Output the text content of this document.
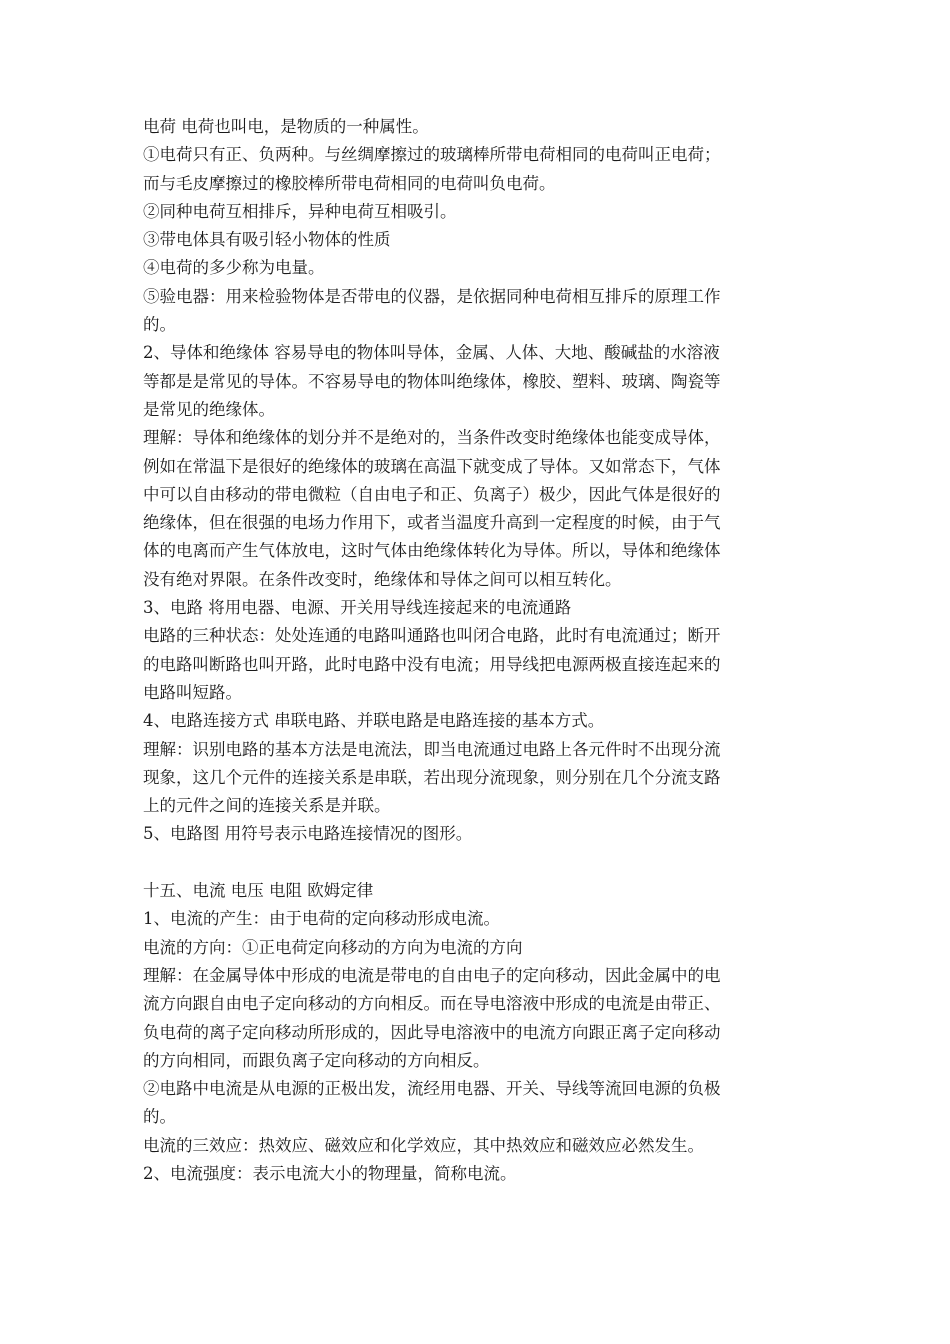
电荷 电荷也叫电，是物质的一种属性。
①电荷只有正、负两种。与丝绸摩擦过的玻璃棒所带电荷相同的电荷叫正电荷；
而与毛皮摩擦过的橡胶棒所带电荷相同的电荷叫负电荷。
②同种电荷互相排斥，异种电荷互相吸引。
③带电体具有吸引轻小物体的性质
④电荷的多少称为电量。
⑤验电器：用来检验物体是否带电的仪器，是依据同种电荷相互排斥的原理工作
的。
2、导体和绝缘体 容易导电的物体叫导体，金属、人体、大地、酸碱盐的水溶液
等都是是常见的导体。不容易导电的物体叫绝缘体，橡胶、塑料、玻璃、陶瓷等
是常见的绝缘体。
理解：导体和绝缘体的划分并不是绝对的，当条件改变时绝缘体也能变成导体，
例如在常温下是很好的绝缘体的玻璃在高温下就变成了导体。又如常态下，气体
中可以自由移动的带电微粒（自由电子和正、负离子）极少，因此气体是很好的
绝缘体，但在很强的电场力作用下，或者当温度升高到一定程度的时候，由于气
体的电离而产生气体放电，这时气体由绝缘体转化为导体。所以，导体和绝缘体
没有绝对界限。在条件改变时，绝缘体和导体之间可以相互转化。
3、电路 将用电器、电源、开关用导线连接起来的电流通路
电路的三种状态：处处连通的电路叫通路也叫闭合电路，此时有电流通过；断开
的电路叫断路也叫开路，此时电路中没有电流；用导线把电源两极直接连起来的
电路叫短路。
4、电路连接方式 串联电路、并联电路是电路连接的基本方式。
理解：识别电路的基本方法是电流法，即当电流通过电路上各元件时不出现分流
现象，这几个元件的连接关系是串联，若出现分流现象，则分别在几个分流支路
上的元件之间的连接关系是并联。
5、电路图 用符号表示电路连接情况的图形。
十五、电流 电压 电阻 欧姆定律
1、电流的产生：由于电荷的定向移动形成电流。
电流的方向：①正电荷定向移动的方向为电流的方向
理解：在金属导体中形成的电流是带电的自由电子的定向移动，因此金属中的电
流方向跟自由电子定向移动的方向相反。而在导电溶液中形成的电流是由带正、
负电荷的离子定向移动所形成的，因此导电溶液中的电流方向跟正离子定向移动
的方向相同，而跟负离子定向移动的方向相反。
②电路中电流是从电源的正极出发，流经用电器、开关、导线等流回电源的负极
的。
电流的三效应：热效应、磁效应和化学效应，其中热效应和磁效应必然发生。
2、电流强度：表示电流大小的物理量，简称电流。
